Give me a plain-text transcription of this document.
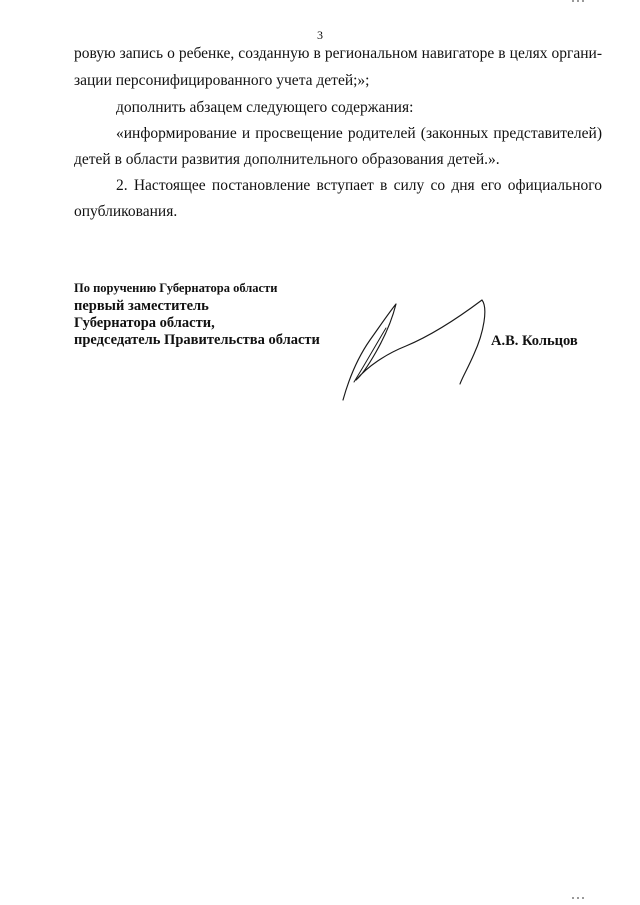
3
ровую запись о ребенке, созданную в региональном навигаторе в целях органи-
зации персонифицированного учета детей;»;
дополнить абзацем следующего содержания:
«информирование и просвещение родителей (законных представителей)
детей в области развития дополнительного образования детей.».
2. Настоящее постановление вступает в силу со дня его официального
опубликования.
По поручению Губернатора области
первый заместитель
Губернатора области,
председатель Правительства области	А.В. Кольцов
